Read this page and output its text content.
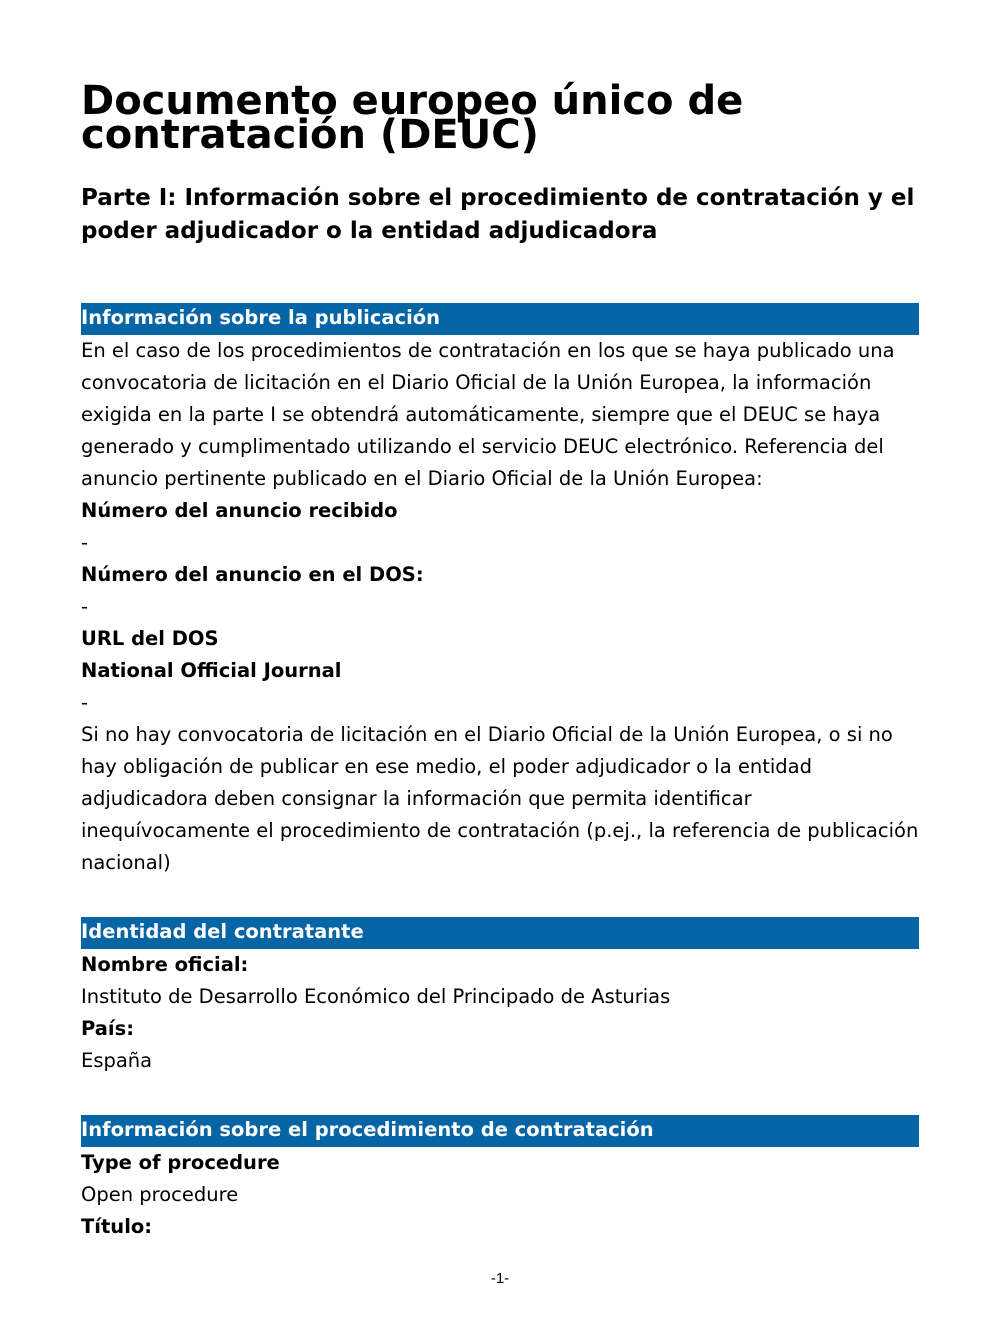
Documento europeo único de contratación (DEUC)
Parte I: Información sobre el procedimiento de contratación y el poder adjudicador o la entidad adjudicadora
Información sobre la publicación

En el caso de los procedimientos de contratación en los que se haya publicado una convocatoria de licitación en el Diario Oficial de la Unión Europea, la información exigida en la parte I se obtendrá automáticamente, siempre que el DEUC se haya generado y cumplimentado utilizando el servicio DEUC electrónico. Referencia del anuncio pertinente publicado en el Diario Oficial de la Unión Europea:

Número del anuncio recibido

-

Número del anuncio en el DOS:

-

URL del DOS

National Official Journal

-

Si no hay convocatoria de licitación en el Diario Oficial de la Unión Europea, o si no hay obligación de publicar en ese medio, el poder adjudicador o la entidad adjudicadora deben consignar la información que permita identificar inequívocamente el procedimiento de contratación (p.ej., la referencia de publicación nacional)

Identidad del contratante

Nombre oficial:

Instituto de Desarrollo Económico del Principado de Asturias

País:

España

Información sobre el procedimiento de contratación

Type of procedure

Open procedure

Título:

-1-
